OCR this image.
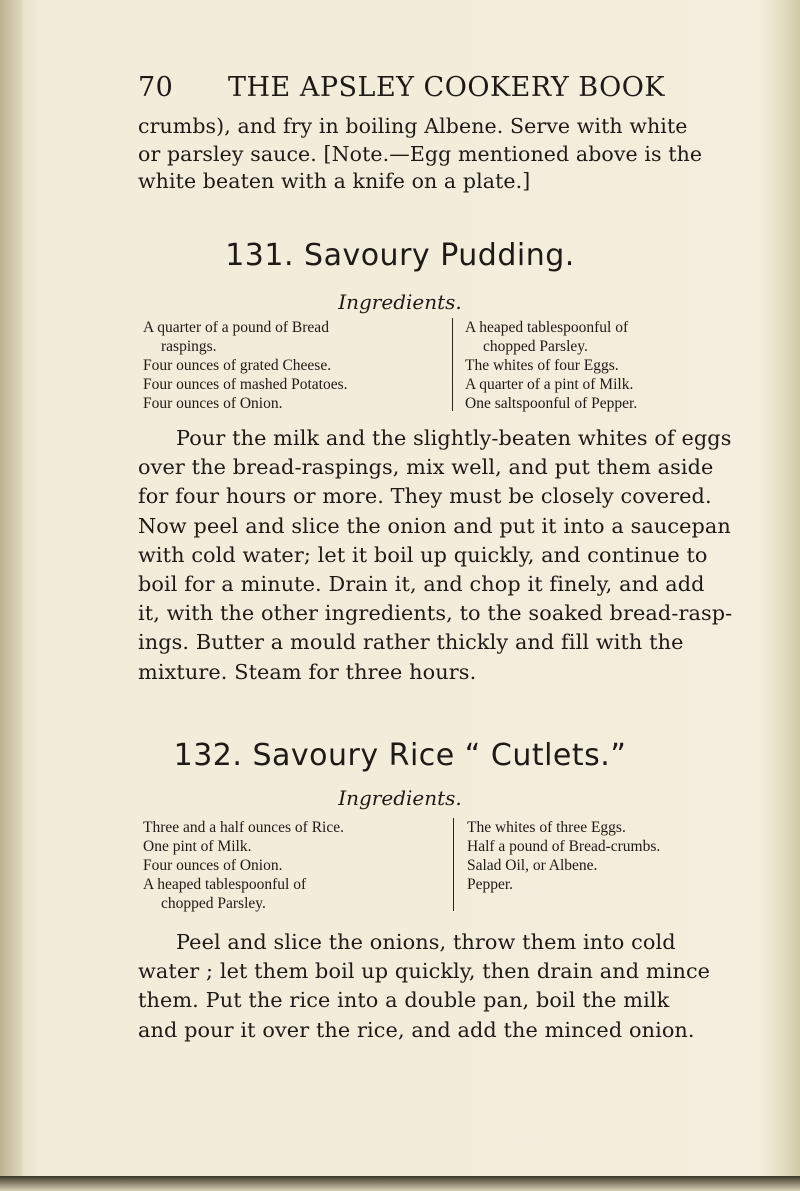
70 THE APSLEY COOKERY BOOK
crumbs), and fry in boiling Albene. Serve with white
or parsley sauce. [Note.—Egg mentioned above is the
white beaten with a knife on a plate.]
131. Savoury Pudding.
Ingredients.
A quarter of a pound of Bread
raspings.
Four ounces of grated Cheese.
Four ounces of mashed Potatoes.
Four ounces of Onion.
A heaped tablespoonful of
chopped Parsley.
The whites of four Eggs.
A quarter of a pint of Milk.
One saltspoonful of Pepper.
Pour the milk and the slightly-beaten whites of eggs
over the bread-raspings, mix well, and put them aside
for four hours or more. They must be closely covered.
Now peel and slice the onion and put it into a saucepan
with cold water; let it boil up quickly, and continue to
boil for a minute. Drain it, and chop it finely, and add
it, with the other ingredients, to the soaked bread-rasp-
ings. Butter a mould rather thickly and fill with the
mixture. Steam for three hours.
132. Savoury Rice “ Cutlets.”
Ingredients.
Three and a half ounces of Rice.
One pint of Milk.
Four ounces of Onion.
A heaped tablespoonful of
chopped Parsley.
The whites of three Eggs.
Half a pound of Bread-crumbs.
Salad Oil, or Albene.
Pepper.
Peel and slice the onions, throw them into cold
water ; let them boil up quickly, then drain and mince
them. Put the rice into a double pan, boil the milk
and pour it over the rice, and add the minced onion.
